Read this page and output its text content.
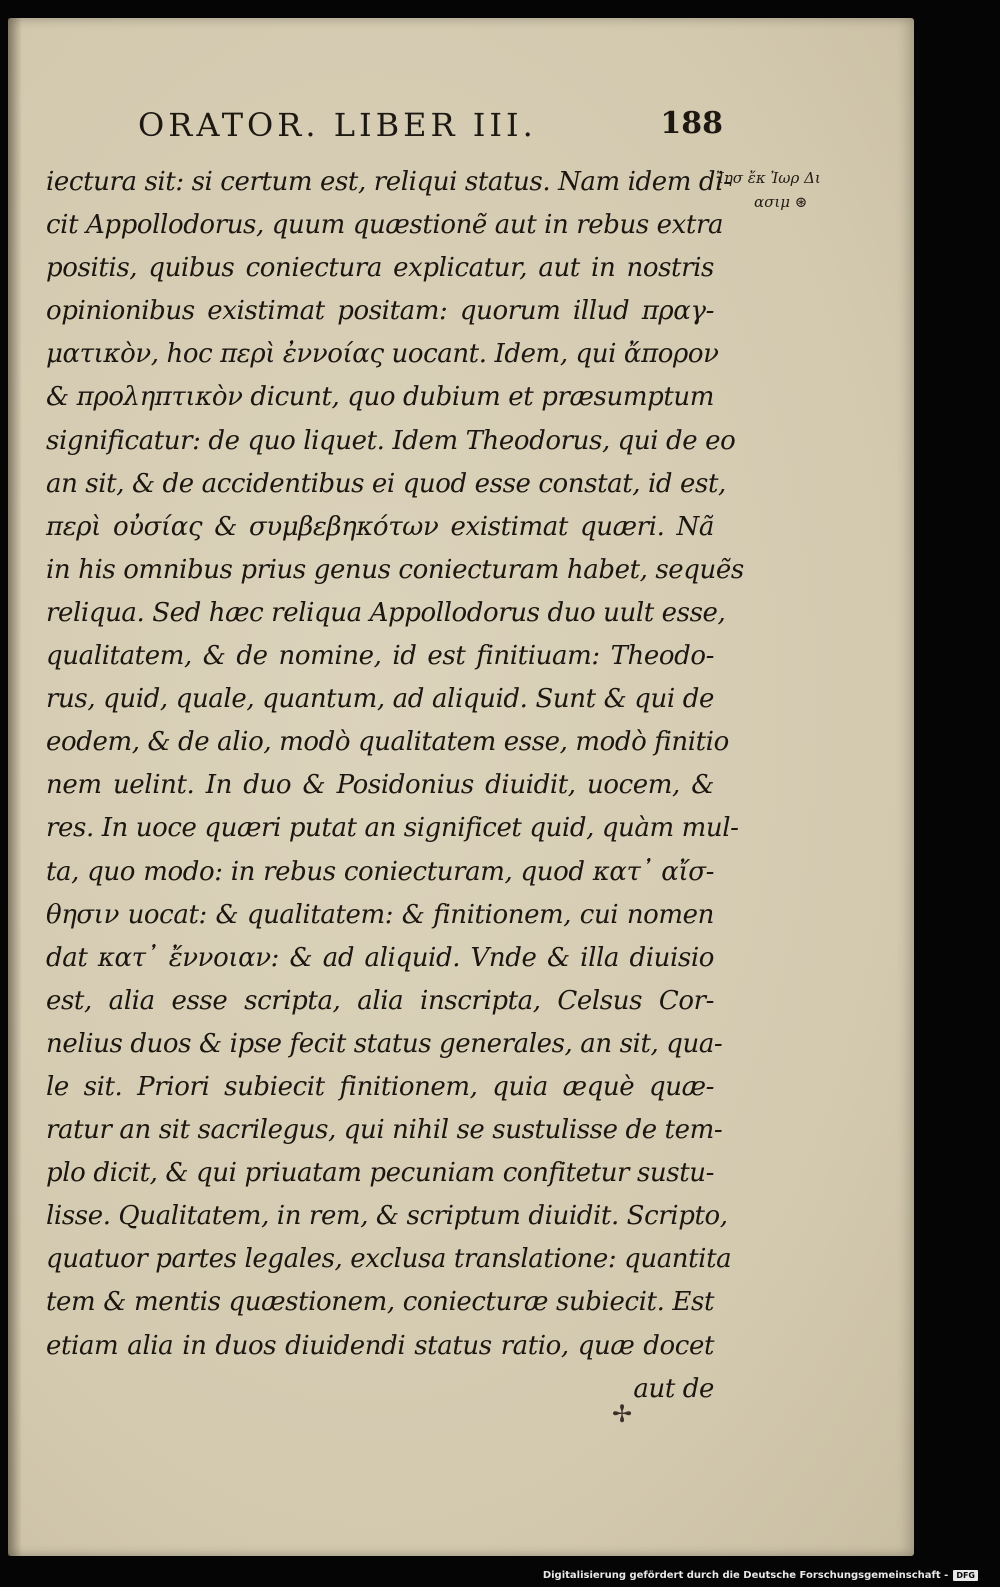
ORATOR. LIBER III.	188
Ἰησ ἔκ Ἰωρ Δι
ασιμ ⊛
iectura sit: si certum est, reliqui status. Nam idem di-
cit Appollodorus, quum quæstionẽ aut in rebus extra
positis, quibus coniectura explicatur, aut in nostris
opinionibus existimat positam: quorum illud πραγ-
ματικὸν, hoc περὶ ἐννοίας uocant. Idem, qui ἄπορον
& προληπτικὸν dicunt, quo dubium et præsumptum
significatur: de quo liquet. Idem Theodorus, qui de eo
an sit, & de accidentibus ei quod esse constat, id est,
περὶ οὐσίας & συμβεβηκότων existimat quæri. Nã
in his omnibus prius genus coniecturam habet, sequẽs
reliqua. Sed hæc reliqua Appollodorus duo uult esse,
qualitatem, & de nomine, id est finitiuam: Theodo-
rus, quid, quale, quantum, ad aliquid. Sunt & qui de
eodem, & de alio, modò qualitatem esse, modò finitio
nem uelint. In duo & Posidonius diuidit, uocem, &
res. In uoce quæri putat an significet quid, quàm mul-
ta, quo modo: in rebus coniecturam, quod κατ᾽ αἴσ-
θησιν uocat: & qualitatem: & finitionem, cui nomen
dat κατ᾽ ἔννοιαν: & ad aliquid. Vnde & illa diuisio
est, alia esse scripta, alia inscripta, Celsus Cor-
nelius duos & ipse fecit status generales, an sit, qua-
le sit. Priori subiecit finitionem, quia æquè quæ-
ratur an sit sacrilegus, qui nihil se sustulisse de tem-
plo dicit, & qui priuatam pecuniam confitetur sustu-
lisse. Qualitatem, in rem, & scriptum diuidit. Scripto,
quatuor partes legales, exclusa translatione: quantita
tem & mentis quæstionem, coniecturæ subiecit. Est
etiam alia in duos diuidendi status ratio, quæ docet
aut de
✢
Digitalisierung gefördert durch die Deutsche Forschungsgemeinschaft -	DFG
